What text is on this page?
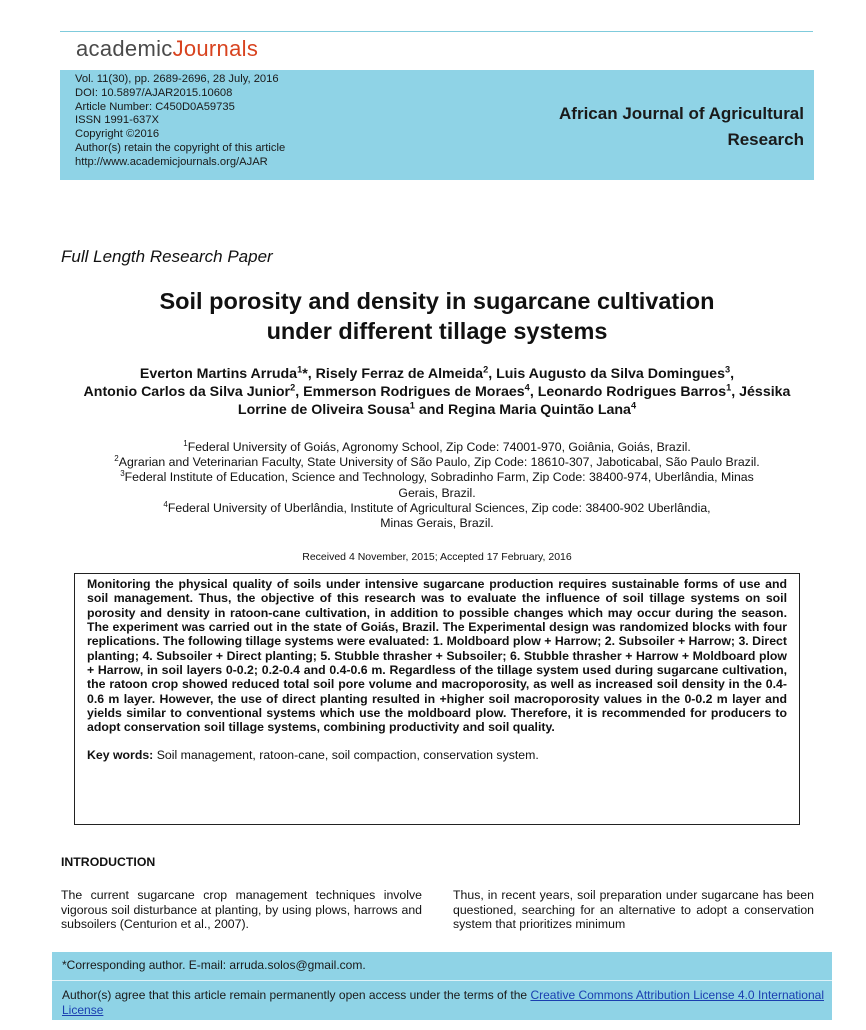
academicJournals
Vol. 11(30), pp. 2689-2696, 28 July, 2016
DOI: 10.5897/AJAR2015.10608
Article Number: C450D0A59735
ISSN 1991-637X
Copyright ©2016
Author(s) retain the copyright of this article
http://www.academicjournals.org/AJAR
African Journal of Agricultural
Research
Full Length Research Paper
Soil porosity and density in sugarcane cultivation
under different tillage systems
Everton Martins Arruda$^1$*, Risely Ferraz de Almeida$^2$, Luis Augusto da Silva Domingues$^3$,
Antonio Carlos da Silva Junior$^2$, Emmerson Rodrigues de Moraes$^4$, Leonardo Rodrigues Barros$^1$, Jéssika Lorrine de Oliveira Sousa$^1$ and Regina Maria Quintão Lana$^4$
$^1$Federal University of Goiás, Agronomy School, Zip Code: 74001-970, Goiânia, Goiás, Brazil.
$^2$Agrarian and Veterinarian Faculty, State University of São Paulo, Zip Code: 18610-307, Jaboticabal, São Paulo Brazil.
$^3$Federal Institute of Education, Science and Technology, Sobradinho Farm, Zip Code: 38400-974, Uberlândia, Minas
Gerais, Brazil.
$^4$Federal University of Uberlândia, Institute of Agricultural Sciences, Zip code: 38400-902 Uberlândia,
Minas Gerais, Brazil.
Received 4 November, 2015; Accepted 17 February, 2016
Monitoring the physical quality of soils under intensive sugarcane production requires sustainable forms of use and soil management. Thus, the objective of this research was to evaluate the influence of soil tillage systems on soil porosity and density in ratoon-cane cultivation, in addition to possible changes which may occur during the season. The experiment was carried out in the state of Goiás, Brazil. The Experimental design was randomized blocks with four replications. The following tillage systems were evaluated: 1. Moldboard plow + Harrow; 2. Subsoiler + Harrow; 3. Direct planting; 4. Subsoiler + Direct planting; 5. Stubble thrasher + Subsoiler; 6. Stubble thrasher + Harrow + Moldboard plow + Harrow, in soil layers 0-0.2; 0.2-0.4 and 0.4-0.6 m. Regardless of the tillage system used during sugarcane cultivation, the ratoon crop showed reduced total soil pore volume and macroporosity, as well as increased soil density in the 0.4-0.6 m layer. However, the use of direct planting resulted in +higher soil macroporosity values in the 0-0.2 m layer and yields similar to conventional systems which use the moldboard plow. Therefore, it is recommended for producers to adopt conservation soil tillage systems, combining productivity and soil quality.
Key words: Soil management, ratoon-cane, soil compaction, conservation system.
INTRODUCTION
The current sugarcane crop management techniques involve vigorous soil disturbance at planting, by using plows, harrows and subsoilers (Centurion et al., 2007).
Thus, in recent years, soil preparation under sugarcane has been questioned, searching for an alternative to adopt a conservation system that prioritizes minimum
*Corresponding author. E-mail: arruda.solos@gmail.com.
Author(s) agree that this article remain permanently open access under the terms of the Creative Commons Attribution License 4.0 International License
